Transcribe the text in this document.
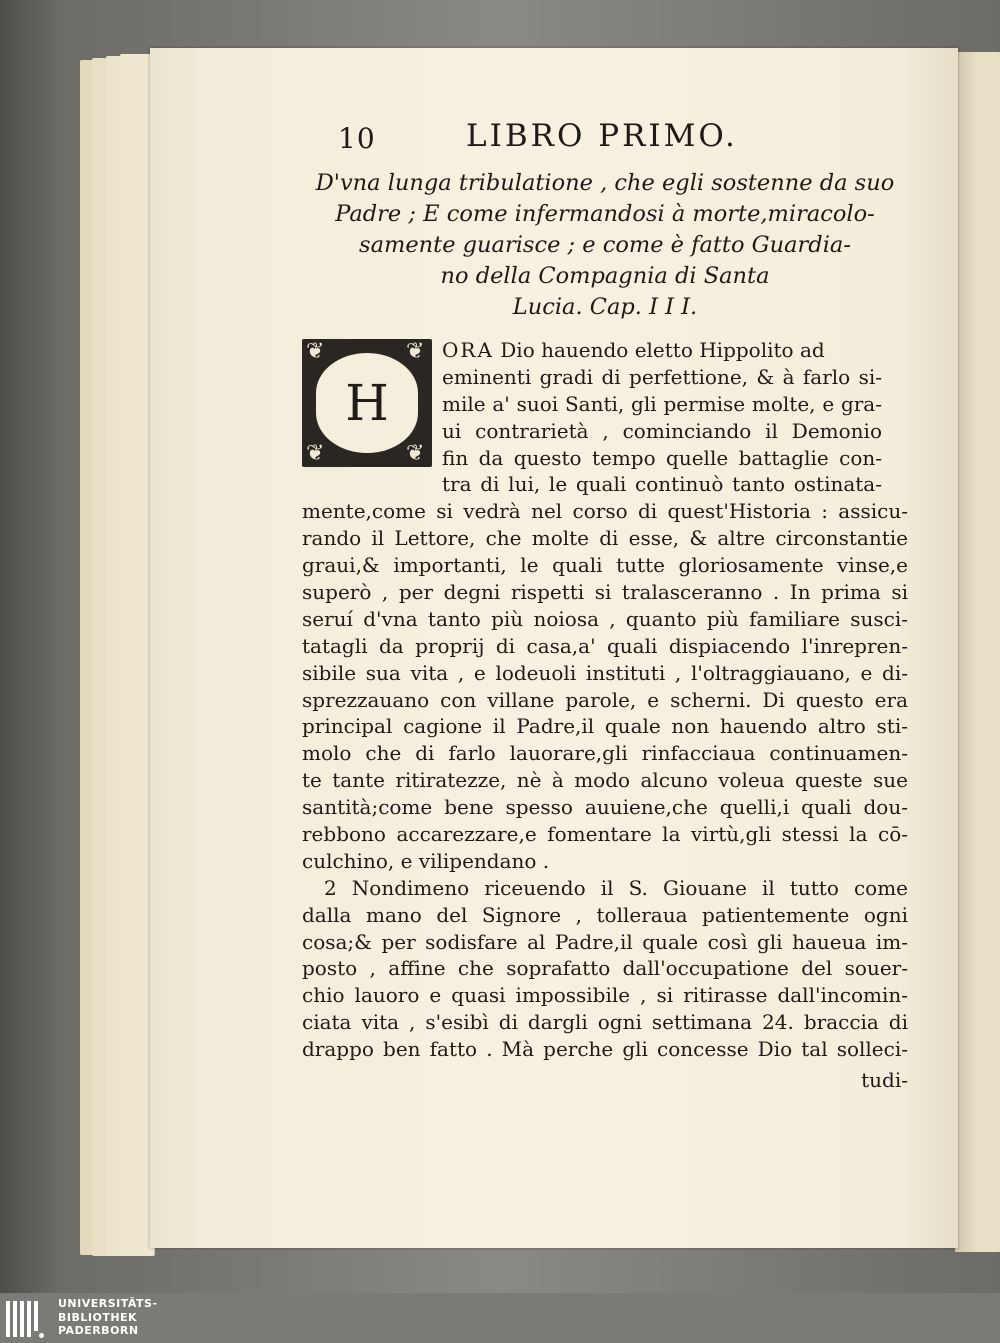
10	LIBRO PRIMO.
D'vna lunga tribulatione , che egli sostenne da suo
Padre ; E come infermandosi à morte,miracolo-
samente guarisce ; e come è fatto Guardia-
no della Compagnia di Santa
Lucia. Cap. I I I.
❦	❦
❦	❦
H
ORA Dio hauendo eletto Hippolito ad
eminenti gradi di perfettione, & à farlo si-
mile a' suoi Santi, gli permise molte, e gra-
ui contrarietà , cominciando il Demonio
fin da questo tempo quelle battaglie con-
tra di lui, le quali continuò tanto ostinata-
mente,come si vedrà nel corso di quest'Historia : assicu-
rando il Lettore, che molte di esse, & altre circonstantie
graui,& importanti, le quali tutte gloriosamente vinse,e
superò , per degni rispetti si tralasceranno . In prima si
seruí d'vna tanto più noiosa , quanto più familiare susci-
tatagli da proprij di casa,a' quali dispiacendo l'inrepren-
sibile sua vita , e lodeuoli instituti , l'oltraggiauano, e di-
sprezzauano con villane parole, e scherni. Di questo era
principal cagione il Padre,il quale non hauendo altro sti-
molo che di farlo lauorare,gli rinfacciaua continuamen-
te tante ritiratezze, nè à modo alcuno voleua queste sue
santità;come bene spesso auuiene,che quelli,i quali dou-
rebbono accarezzare,e fomentare la virtù,gli stessi la cō-
culchino, e vilipendano .
2 Nondimeno riceuendo il S. Giouane il tutto come
dalla mano del Signore , tolleraua patientemente ogni
cosa;& per sodisfare al Padre,il quale così gli haueua im-
posto , affine che soprafatto dall'occupatione del souer-
chio lauoro e quasi impossibile , si ritirasse dall'incomin-
ciata vita , s'esibì di dargli ogni settimana 24. braccia di
drappo ben fatto . Mà perche gli concesse Dio tal solleci-
tudi-
UNIVERSITÄTS-
BIBLIOTHEK
PADERBORN
